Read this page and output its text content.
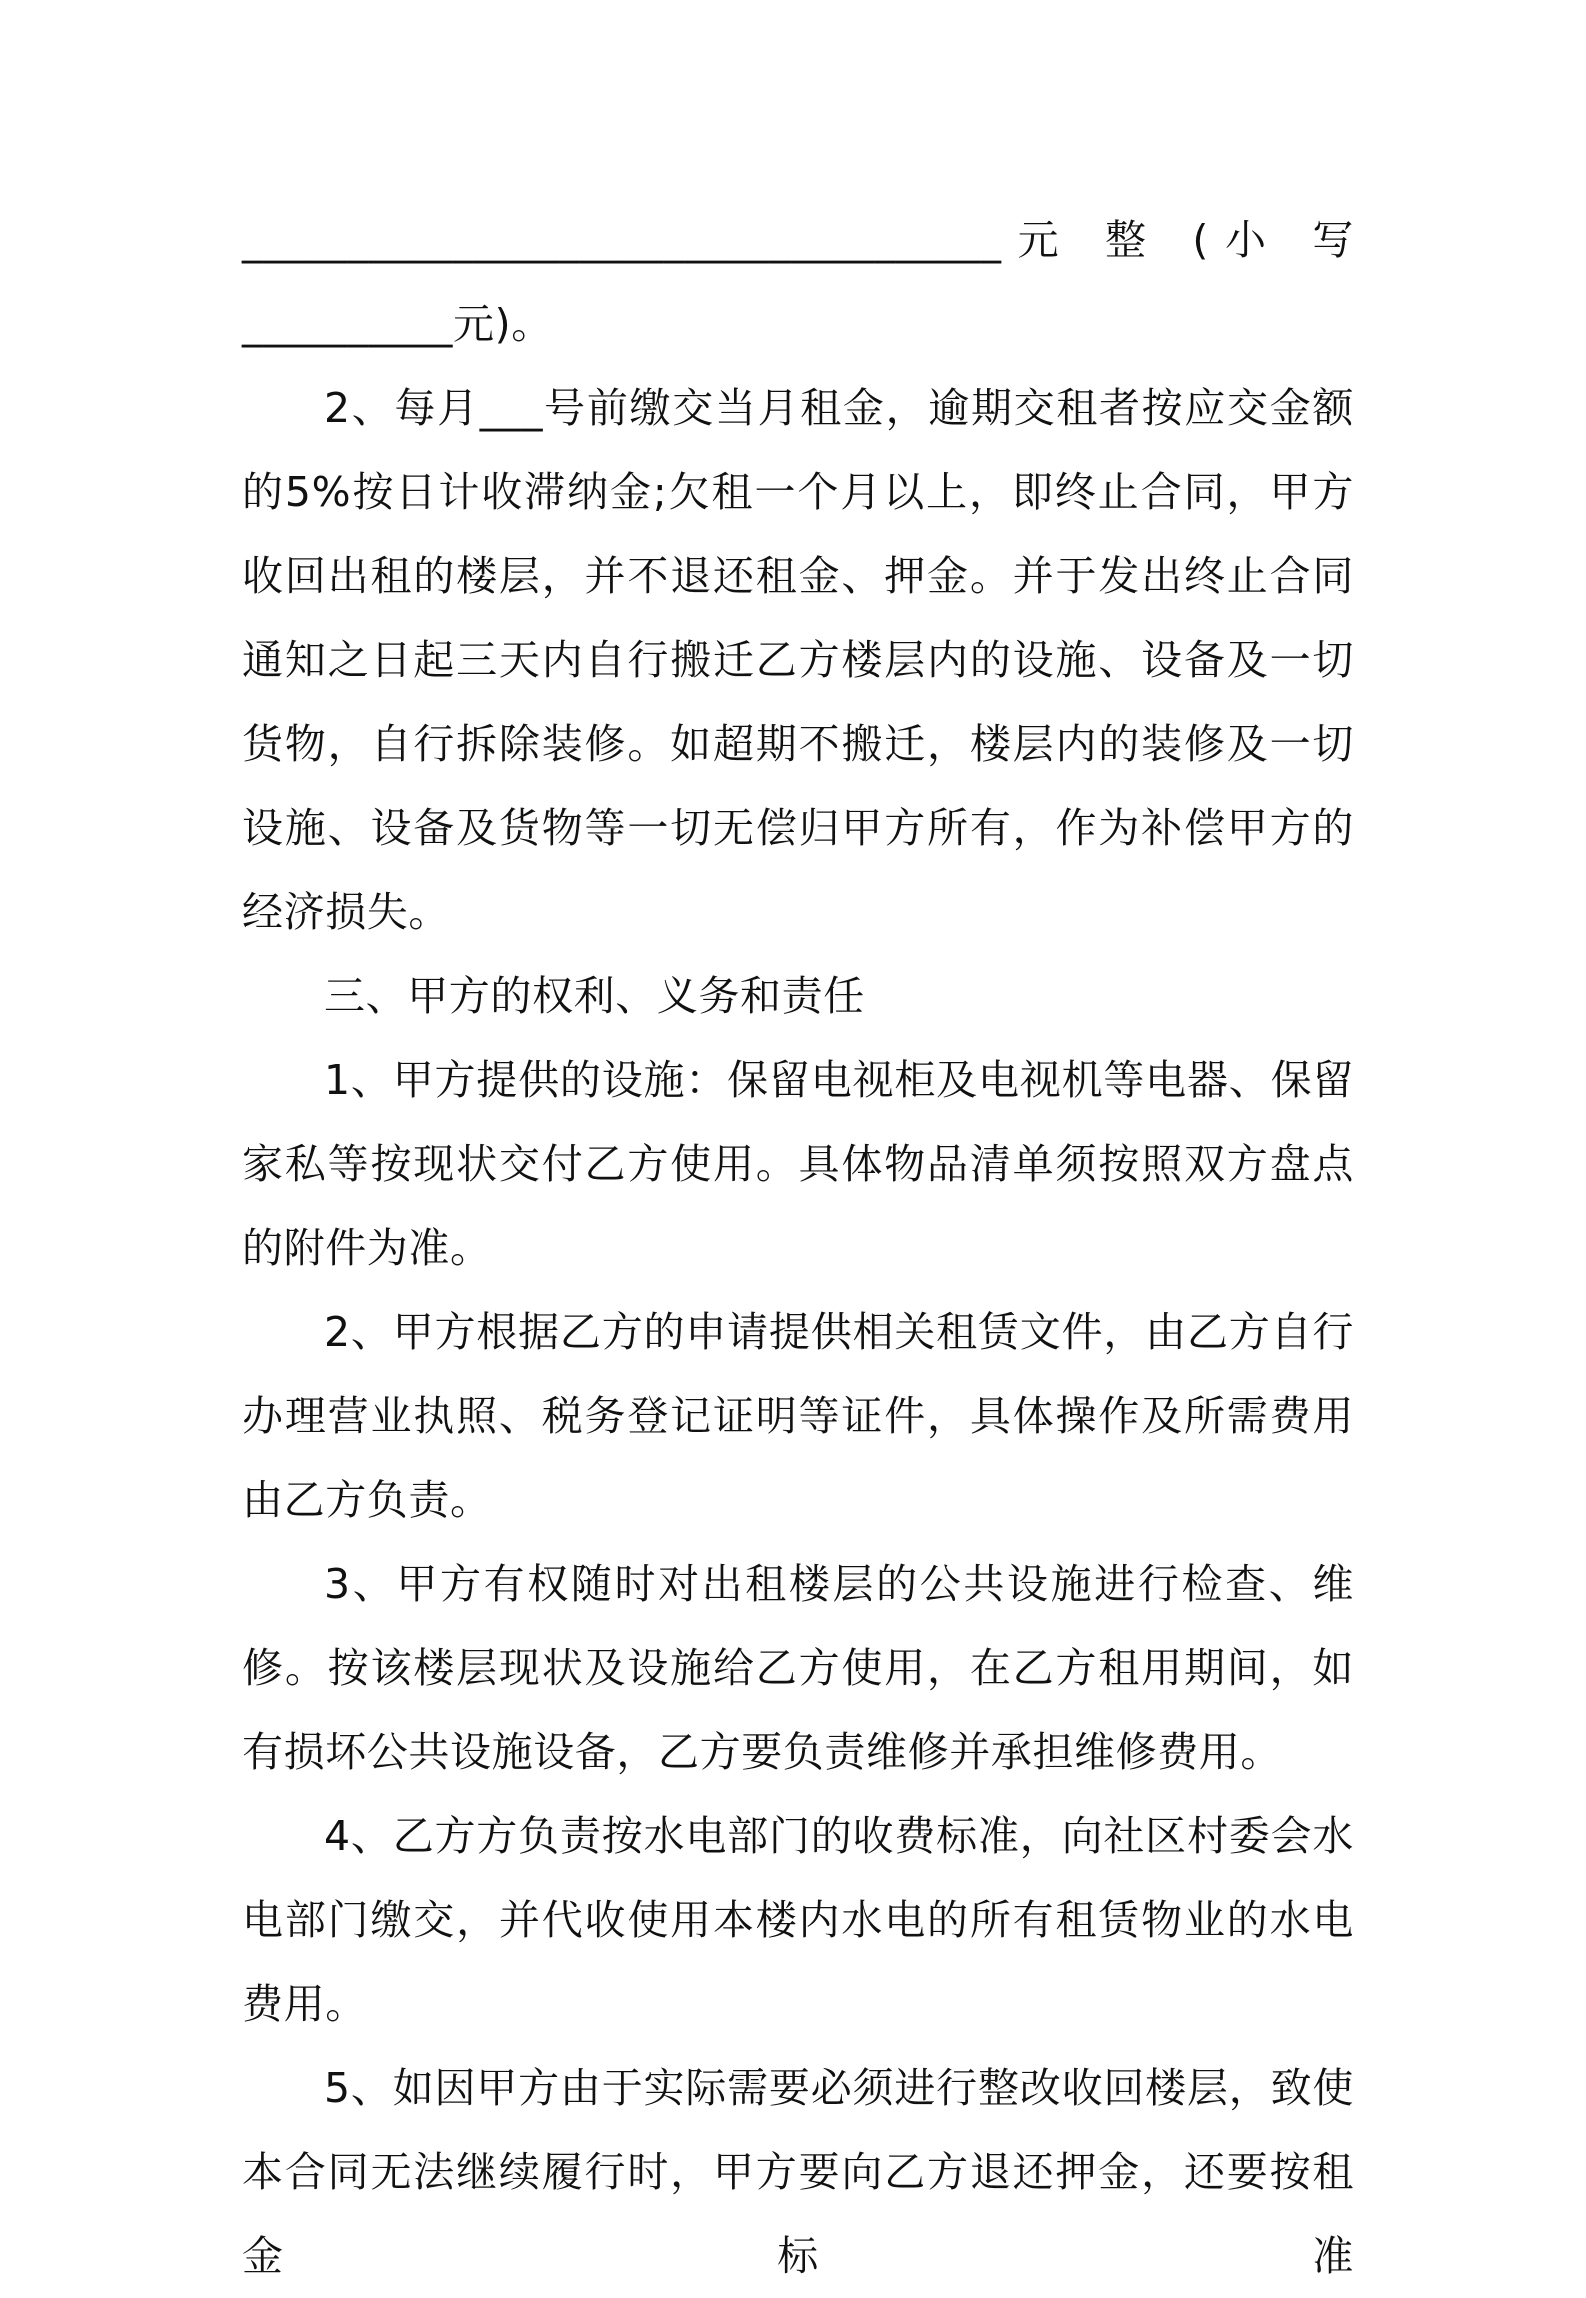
____________________________________元 整 (小 写

__________元)。

2、每月___号前缴交当月租金，逾期交租者按应交金额的5%按日计收滞纳金;欠租一个月以上，即终止合同，甲方收回出租的楼层，并不退还租金、押金。并于发出终止合同通知之日起三天内自行搬迁乙方楼层内的设施、设备及一切货物，自行拆除装修。如超期不搬迁，楼层内的装修及一切设施、设备及货物等一切无偿归甲方所有，作为补偿甲方的经济损失。

三、甲方的权利、义务和责任

1、甲方提供的设施：保留电视柜及电视机等电器、保留家私等按现状交付乙方使用。具体物品清单须按照双方盘点的附件为准。

2、甲方根据乙方的申请提供相关租赁文件，由乙方自行办理营业执照、税务登记证明等证件，具体操作及所需费用由乙方负责。

3、甲方有权随时对出租楼层的公共设施进行检查、维修。按该楼层现状及设施给乙方使用，在乙方租用期间，如有损坏公共设施设备，乙方要负责维修并承担维修费用。

4、乙方方负责按水电部门的收费标准，向社区村委会水电部门缴交，并代收使用本楼内水电的所有租赁物业的水电费用。

5、如因甲方由于实际需要必须进行整改收回楼层，致使本合同无法继续履行时，甲方要向乙方退还押金，还要按租金标准
